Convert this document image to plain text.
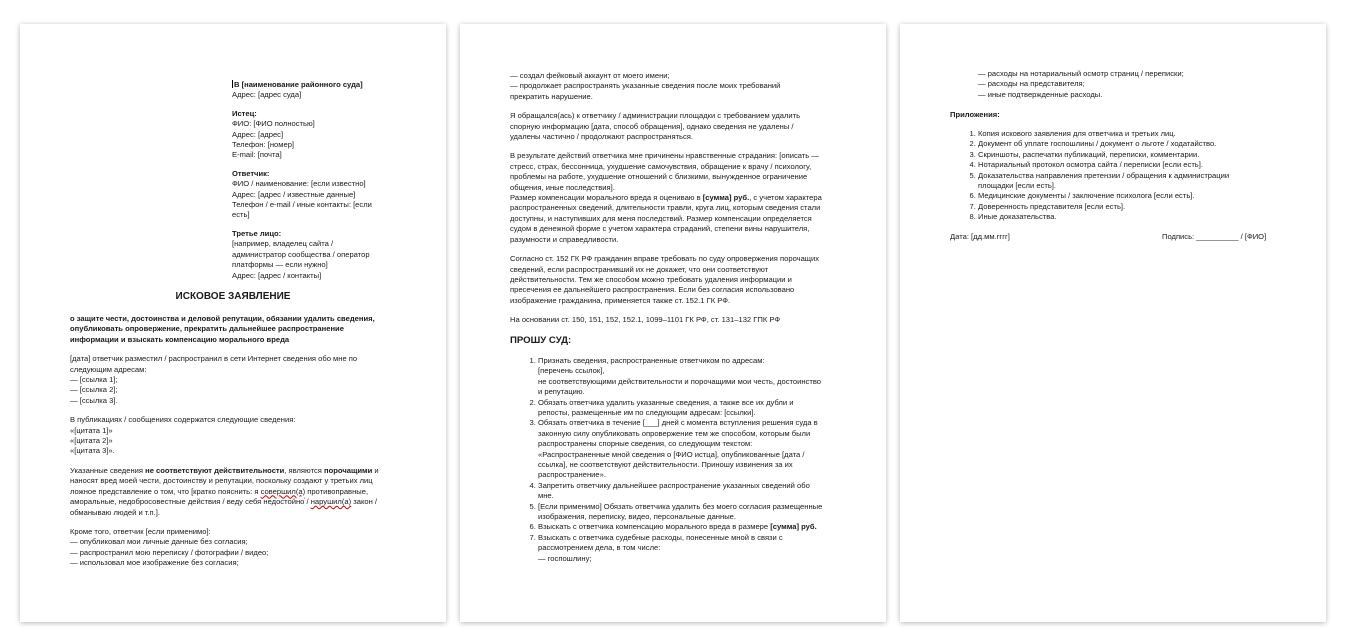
В [наименование районного суда]
Адрес: [адрес суда]
Истец:
ФИО: [ФИО полностью]
Адрес: [адрес]
Телефон: [номер]
E-mail: [почта]
Ответчик:
ФИО / наименование: [если известно]
Адрес: [адрес / известные данные]
Телефон / e-mail / иные контакты: [если
есть]
Третье лицо:
[например, владелец сайта /
администратор сообщества / оператор
платформы — если нужно]
Адрес: [адрес / контакты]
ИСКОВОЕ ЗАЯВЛЕНИЕ
о защите чести, достоинства и деловой репутации, обязании удалить сведения,
опубликовать опровержение, прекратить дальнейшее распространение
информации и взыскать компенсацию морального вреда
[дата] ответчик разместил / распространил в сети Интернет сведения обо мне по
следующим адресам:
— [ссылка 1];
— [ссылка 2];
— [ссылка 3].
В публикациях / сообщениях содержатся следующие сведения:
«[цитата 1]»
«[цитата 2]»
«[цитата 3]».
Указанные сведения не соответствуют действительности, являются порочащими и
наносят вред моей чести, достоинству и репутации, поскольку создают у третьих лиц
ложное представление о том, что [кратко пояснить: я совершил(а) противоправные,
аморальные, недобросовестные действия / веду себя недостойно / нарушил(а) закон /
обманываю людей и т.п.].
Кроме того, ответчик [если применимо]:
— опубликовал мои личные данные без согласия;
— распространил мою переписку / фотографии / видео;
— использовал мое изображение без согласия;
— создал фейковый аккаунт от моего имени;
— продолжает распространять указанные сведения после моих требований
прекратить нарушение.
Я обращался(ась) к ответчику / администрации площадки с требованием удалить
спорную информацию [дата, способ обращения], однако сведения не удалены /
удалены частично / продолжают распространяться.
В результате действий ответчика мне причинены нравственные страдания: [описать —
стресс, страх, бессонница, ухудшение самочувствия, обращение к врачу / психологу,
проблемы на работе, ухудшение отношений с близкими, вынужденное ограничение
общения, иные последствия].
Размер компенсации морального вреда я оцениваю в [сумма] руб., с учетом характера
распространенных сведений, длительности травли, круга лиц, которым сведения стали
доступны, и наступивших для меня последствий. Размер компенсации определяется
судом в денежной форме с учетом характера страданий, степени вины нарушителя,
разумности и справедливости.
Согласно ст. 152 ГК РФ гражданин вправе требовать по суду опровержения порочащих
сведений, если распространивший их не докажет, что они соответствуют
действительности. Тем же способом можно требовать удаления информации и
пресечения ее дальнейшего распространения. Если без согласия использовано
изображение гражданина, применяется также ст. 152.1 ГК РФ.
На основании ст. 150, 151, 152, 152.1, 1099–1101 ГК РФ, ст. 131–132 ГПК РФ
ПРОШУ СУД:
1. Признать сведения, распространенные ответчиком по адресам:
[перечень ссылок],
не соответствующими действительности и порочащими мои честь, достоинство
и репутацию.
2. Обязать ответчика удалить указанные сведения, а также все их дубли и
репосты, размещенные им по следующим адресам: [ссылки].
3. Обязать ответчика в течение [___] дней с момента вступления решения суда в
законную силу опубликовать опровержение тем же способом, которым были
распространены спорные сведения, со следующим текстом:
«Распространенные мной сведения о [ФИО истца], опубликованные [дата /
ссылка], не соответствуют действительности. Приношу извинения за их
распространение».
4. Запретить ответчику дальнейшее распространение указанных сведений обо
мне.
5. [Если применимо] Обязать ответчика удалить без моего согласия размещенные
изображения, переписку, видео, персональные данные.
6. Взыскать с ответчика компенсацию морального вреда в размере [сумма] руб.
7. Взыскать с ответчика судебные расходы, понесенные мной в связи с
рассмотрением дела, в том числе:
— госпошлину;
— расходы на нотариальный осмотр страниц / переписки;
— расходы на представителя;
— иные подтвержденные расходы.
Приложения:
1. Копия искового заявления для ответчика и третьих лиц.
2. Документ об уплате госпошлины / документ о льготе / ходатайство.
3. Скриншоты, распечатки публикаций, переписки, комментарии.
4. Нотариальный протокол осмотра сайта / переписки [если есть].
5. Доказательства направления претензии / обращения к администрации
площадки [если есть].
6. Медицинские документы / заключение психолога [если есть].
7. Доверенность представителя [если есть].
8. Иные доказательства.
Дата: [дд.мм.гггг]	Подпись: __________ / [ФИО]
